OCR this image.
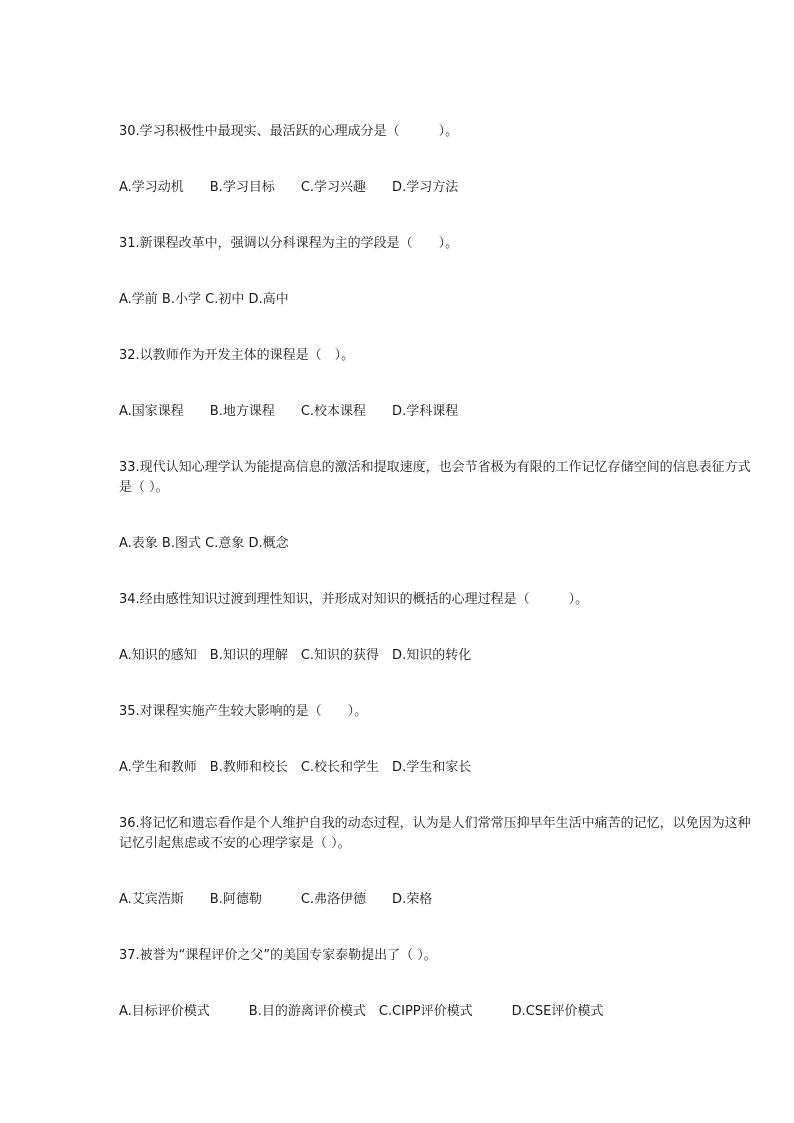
30.学习积极性中最现实、最活跃的心理成分是（　　　）。
A.学习动机　　B.学习目标　　C.学习兴趣　　D.学习方法
31.新课程改革中，强调以分科课程为主的学段是（　　）。
A.学前 B.小学 C.初中 D.高中
32.以教师作为开发主体的课程是（　）。
A.国家课程　　B.地方课程　　C.校本课程　　D.学科课程
33.现代认知心理学认为能提高信息的激活和提取速度，也会节省极为有限的工作记忆存储空间的信息表征方式是（ ）。
A.表象 B.图式 C.意象 D.概念
34.经由感性知识过渡到理性知识，并形成对知识的概括的心理过程是（　　　）。
A.知识的感知　B.知识的理解　C.知识的获得　D.知识的转化
35.对课程实施产生较大影响的是（　　）。
A.学生和教师　B.教师和校长　C.校长和学生　D.学生和家长
36.将记忆和遗忘看作是个人维护自我的动态过程，认为是人们常常压抑早年生活中痛苦的记忆，以免因为这种记忆引起焦虑或不安的心理学家是（ ）。
A.艾宾浩斯　　B.阿德勒　　　C.弗洛伊德　　D.荣格
37.被誉为“课程评价之父”的美国专家泰勒提出了（ ）。
A.目标评价模式　　　B.目的游离评价模式　C.CIPP评价模式　　　D.CSE评价模式
